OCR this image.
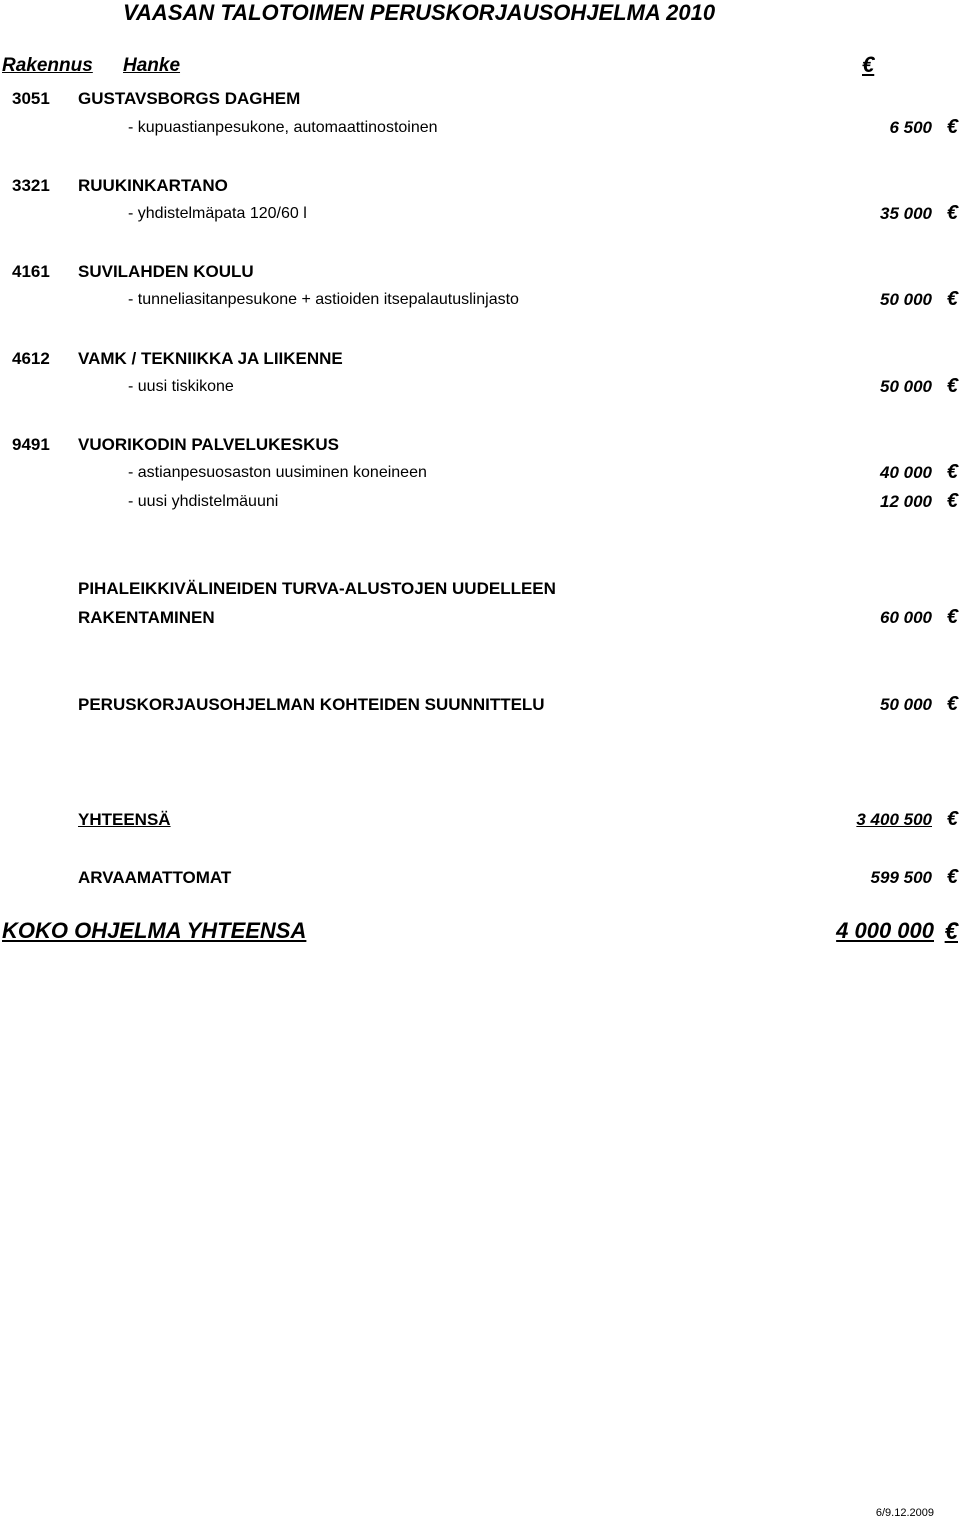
VAASAN TALOTOIMEN PERUSKORJAUSOHJELMA 2010
Rakennus Hanke	€
3051 GUSTAVSBORGS DAGHEM
- kupuastianpesukone, automaattinostoinen	6 500 €
3321 RUUKINKARTANO
- yhdistelmäpata 120/60 l	35 000 €
4161 SUVILAHDEN KOULU
- tunneliasitanpesukone + astioiden itsepalautuslinjasto	50 000 €
4612 VAMK / TEKNIIKKA JA LIIKENNE
- uusi tiskikone	50 000 €
9491 VUORIKODIN PALVELUKESKUS
- astianpesuosaston uusiminen koneineen	40 000 €
- uusi yhdistelmäuuni	12 000 €
PIHALEIKKIVÄLINEIDEN TURVA-ALUSTOJEN UUDELLEEN
RAKENTAMINEN	60 000 €
PERUSKORJAUSOHJELMAN KOHTEIDEN SUUNNITTELU	50 000 €
YHTEENSÄ	3 400 500 €
ARVAAMATTOMAT	599 500 €
KOKO OHJELMA YHTEENSA	4 000 000 €
6/9.12.2009
